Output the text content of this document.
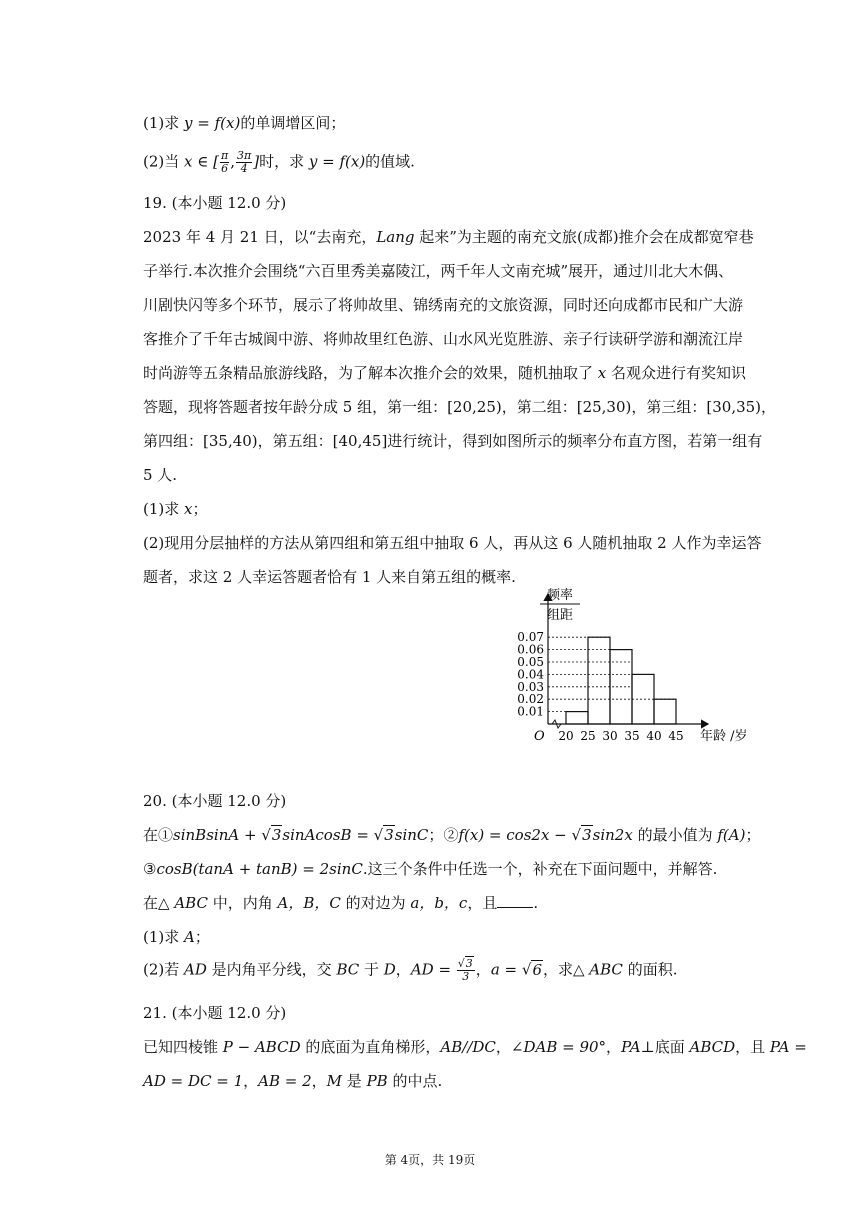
(1)求 y = f(x)的单调增区间；
(2)当 x ∈ [ $\frac{\pi}{6}$ , $\frac{3\pi}{4}$ ]时，求 y = f(x)的值域.
19. (本小题 12.0 分)
2023 年 4 月 21 日，以“去南充，Lang 起来”为主题的南充文旅(成都)推介会在成都宽窄巷
子举行.本次推介会围绕“六百里秀美嘉陵江，两千年人文南充城”展开，通过川北大木偶、
川剧快闪等多个环节，展示了将帅故里、锦绣南充的文旅资源，同时还向成都市民和广大游
客推介了千年古城阆中游、将帅故里红色游、山水风光览胜游、亲子行读研学游和潮流江岸
时尚游等五条精品旅游线路，为了解本次推介会的效果，随机抽取了 x 名观众进行有奖知识
答题，现将答题者按年龄分成 5 组，第一组：[20,25)，第二组：[25,30)，第三组：[30,35)，
第四组：[35,40)，第五组：[40,45]进行统计，得到如图所示的频率分布直方图，若第一组有
5 人.
(1)求 x；
(2)现用分层抽样的方法从第四组和第五组中抽取 6 人，再从这 6 人随机抽取 2 人作为幸运答
题者，求这 2 人幸运答题者恰有 1 人来自第五组的概率.
0.07
0.06
0.05
0.04
0.03
0.02
0.01
20 25 30 35 40 45
频率
组距
O	年龄 /岁
20. (本小题 12.0 分)
在①sinBsinA + √3sinAcosB = √3sinC；②f(x) = cos2x − √3sin2x 的最小值为 f(A)；
③cosB(tanA + tanB) = 2sinC.这三个条件中任选一个，补充在下面问题中，并解答.
在△ ABC 中，内角 A，B，C 的对边为 a，b，c，且 .
(1)求 A；
(2)若 AD 是内角平分线，交 BC 于 D，AD = $\frac{√3}{3}$ ，a = √6，求△ ABC 的面积.
21. (本小题 12.0 分)
已知四棱锥 P − ABCD 的底面为直角梯形，AB//DC，∠DAB = 90°，PA⊥底面 ABCD，且 PA =
AD = DC = 1，AB = 2，M 是 PB 的中点.
第 4页，共 19页
